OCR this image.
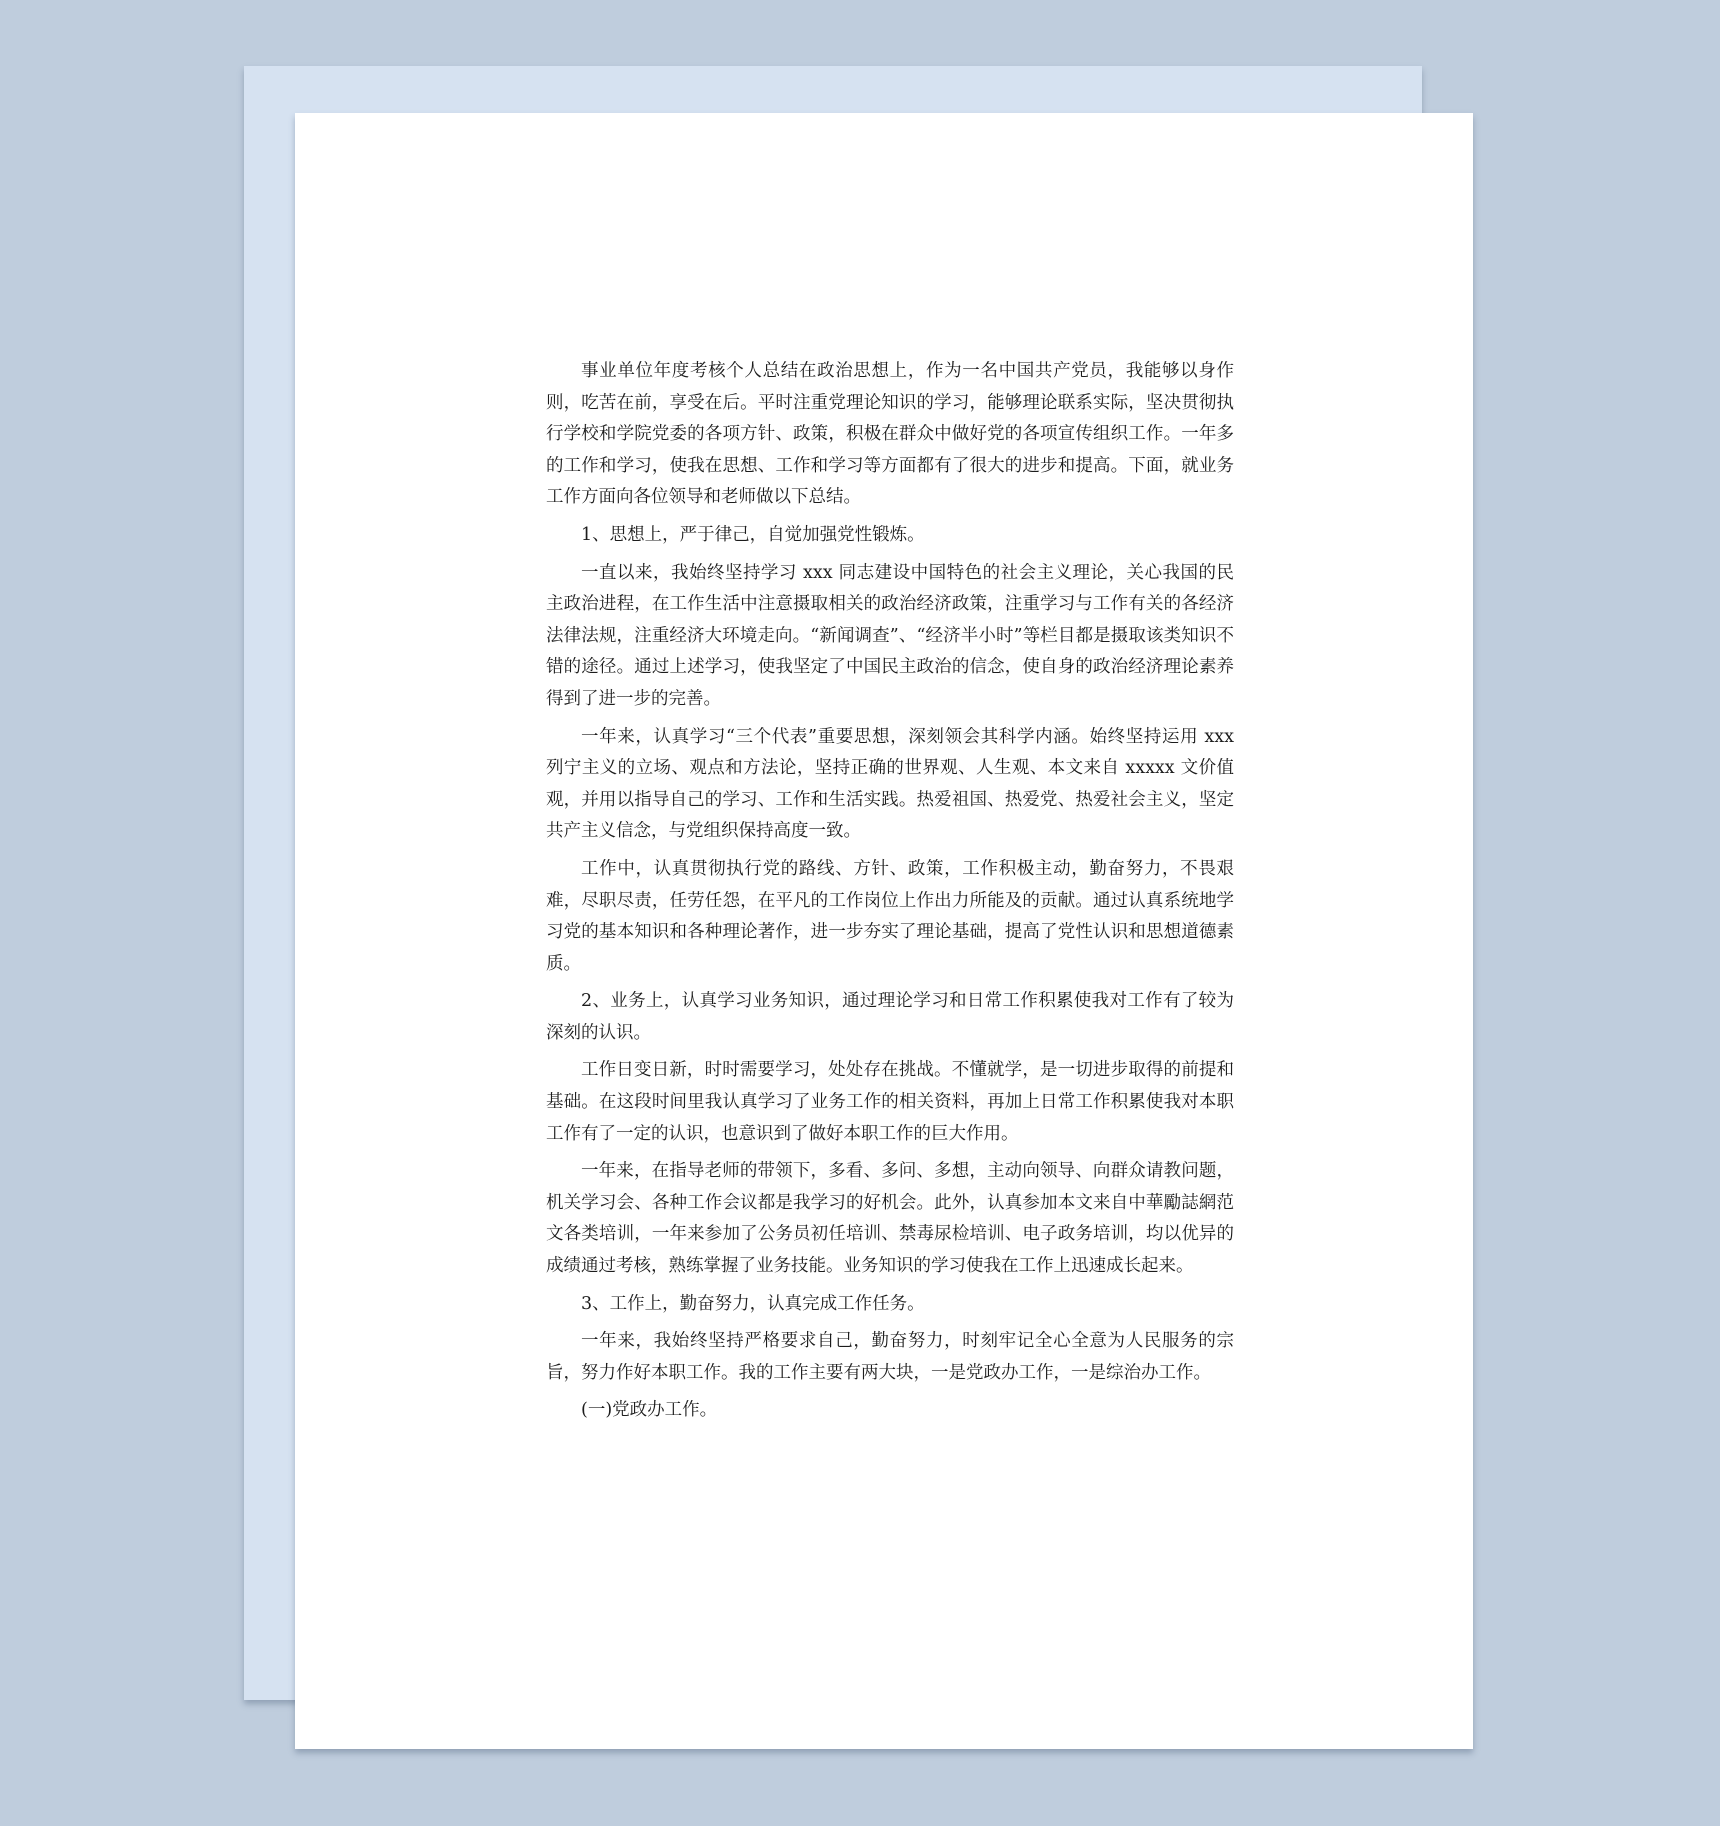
事业单位年度考核个人总结在政治思想上，作为一名中国共产党员，我能够以身作则，吃苦在前，享受在后。平时注重党理论知识的学习，能够理论联系实际，坚决贯彻执行学校和学院党委的各项方针、政策，积极在群众中做好党的各项宣传组织工作。一年多的工作和学习，使我在思想、工作和学习等方面都有了很大的进步和提高。下面，就业务工作方面向各位领导和老师做以下总结。

1、思想上，严于律己，自觉加强党性锻炼。

一直以来，我始终坚持学习 xxx 同志建设中国特色的社会主义理论，关心我国的民主政治进程，在工作生活中注意摄取相关的政治经济政策，注重学习与工作有关的各经济法律法规，注重经济大环境走向。“新闻调查”、“经济半小时”等栏目都是摄取该类知识不错的途径。通过上述学习，使我坚定了中国民主政治的信念，使自身的政治经济理论素养得到了进一步的完善。

一年来，认真学习“三个代表”重要思想，深刻领会其科学内涵。始终坚持运用 xxx 列宁主义的立场、观点和方法论，坚持正确的世界观、人生观、本文来自 xxxxx 文价值观，并用以指导自己的学习、工作和生活实践。热爱祖国、热爱党、热爱社会主义，坚定共产主义信念，与党组织保持高度一致。

工作中，认真贯彻执行党的路线、方针、政策，工作积极主动，勤奋努力，不畏艰难，尽职尽责，任劳任怨，在平凡的工作岗位上作出力所能及的贡献。通过认真系统地学习党的基本知识和各种理论著作，进一步夯实了理论基础，提高了党性认识和思想道德素质。

2、业务上，认真学习业务知识，通过理论学习和日常工作积累使我对工作有了较为深刻的认识。

工作日变日新，时时需要学习，处处存在挑战。不懂就学，是一切进步取得的前提和基础。在这段时间里我认真学习了业务工作的相关资料，再加上日常工作积累使我对本职工作有了一定的认识，也意识到了做好本职工作的巨大作用。

一年来，在指导老师的带领下，多看、多问、多想，主动向领导、向群众请教问题，机关学习会、各种工作会议都是我学习的好机会。此外，认真参加本文来自中華勵誌網范文各类培训，一年来参加了公务员初任培训、禁毒尿检培训、电子政务培训，均以优异的成绩通过考核，熟练掌握了业务技能。业务知识的学习使我在工作上迅速成长起来。

3、工作上，勤奋努力，认真完成工作任务。

一年来，我始终坚持严格要求自己，勤奋努力，时刻牢记全心全意为人民服务的宗旨，努力作好本职工作。我的工作主要有两大块，一是党政办工作，一是综治办工作。

(一)党政办工作。
